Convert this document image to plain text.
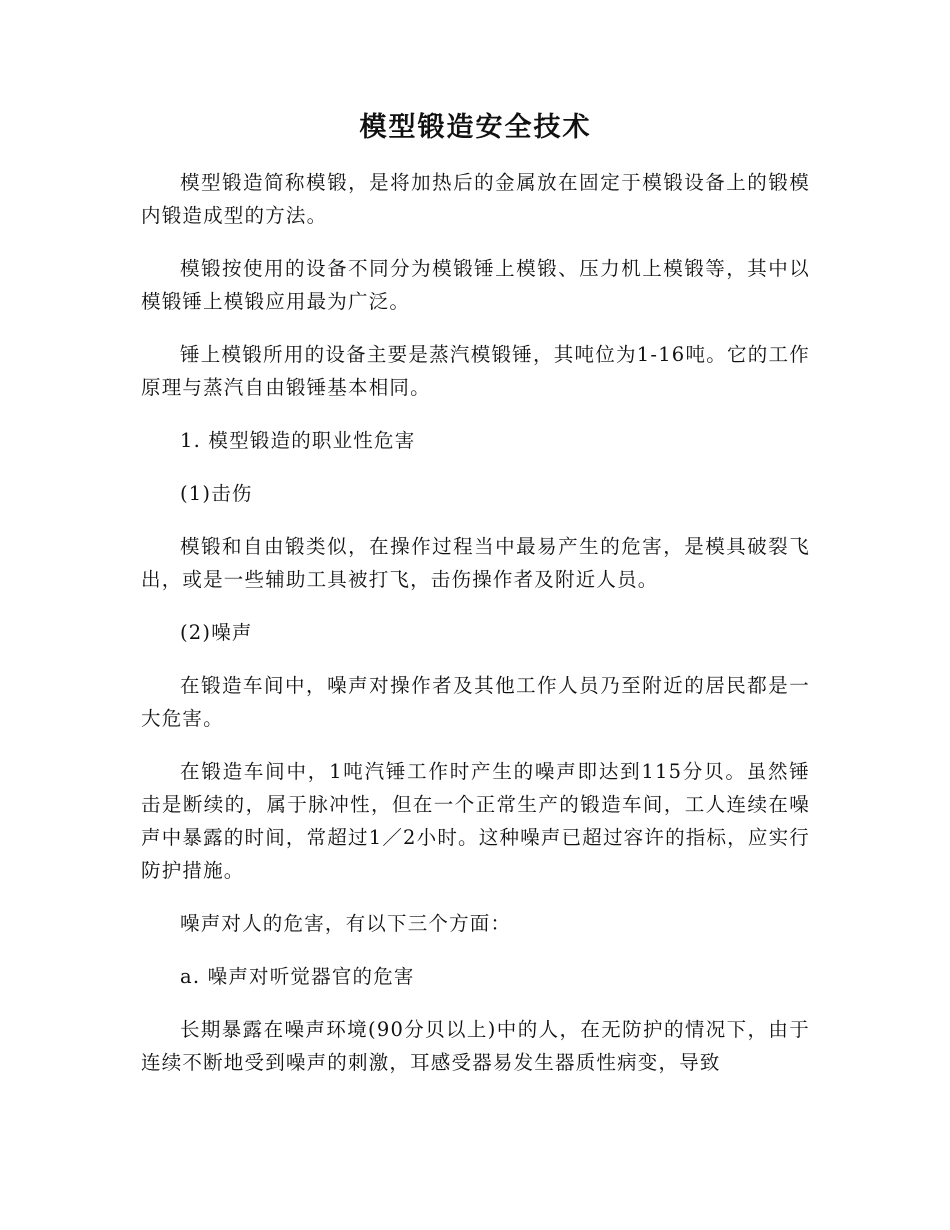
模型锻造安全技术

模型锻造简称模锻，是将加热后的金属放在固定于模锻设备上的锻模内锻造成型的方法。

模锻按使用的设备不同分为模锻锤上模锻、压力机上模锻等，其中以模锻锤上模锻应用最为广泛。

锤上模锻所用的设备主要是蒸汽模锻锤，其吨位为1-16吨。它的工作原理与蒸汽自由锻锤基本相同。

1. 模型锻造的职业性危害

(1)击伤

模锻和自由锻类似，在操作过程当中最易产生的危害，是模具破裂飞出，或是一些辅助工具被打飞，击伤操作者及附近人员。

(2)噪声

在锻造车间中，噪声对操作者及其他工作人员乃至附近的居民都是一大危害。

在锻造车间中，1吨汽锤工作时产生的噪声即达到115分贝。虽然锤击是断续的，属于脉冲性，但在一个正常生产的锻造车间，工人连续在噪声中暴露的时间，常超过1／2小时。这种噪声已超过容许的指标，应实行防护措施。

噪声对人的危害，有以下三个方面：

a. 噪声对听觉器官的危害

长期暴露在噪声环境(90分贝以上)中的人，在无防护的情况下，由于连续不断地受到噪声的刺激，耳感受器易发生器质性病变，导致
